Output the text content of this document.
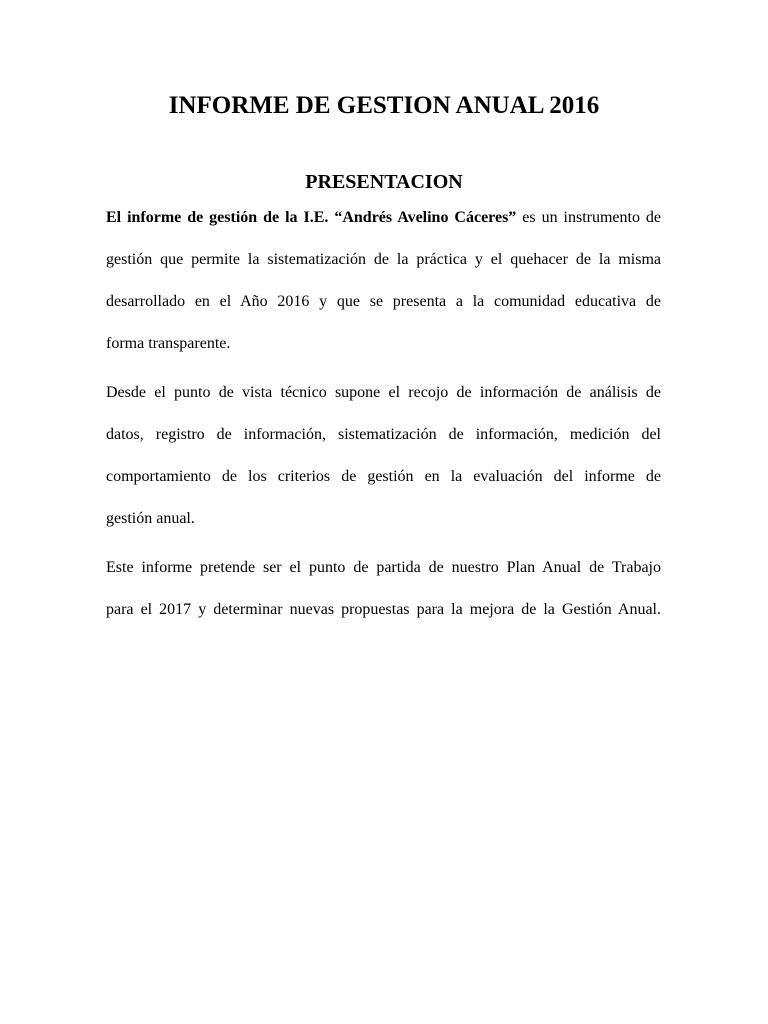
INFORME DE GESTION ANUAL 2016
PRESENTACION
El informe de gestión de la I.E. “Andrés Avelino Cáceres” es un instrumento de
gestión que permite la sistematización de la práctica y el quehacer de la misma
desarrollado en el Año 2016 y que se presenta a la comunidad educativa de
forma transparente.
Desde el punto de vista técnico supone el recojo de información de análisis de
datos, registro de información, sistematización de información, medición del
comportamiento de los criterios de gestión en la evaluación del informe de
gestión anual.
Este informe pretende ser el punto de partida de nuestro Plan Anual de Trabajo
para el 2017 y determinar nuevas propuestas para la mejora de la Gestión Anual.
